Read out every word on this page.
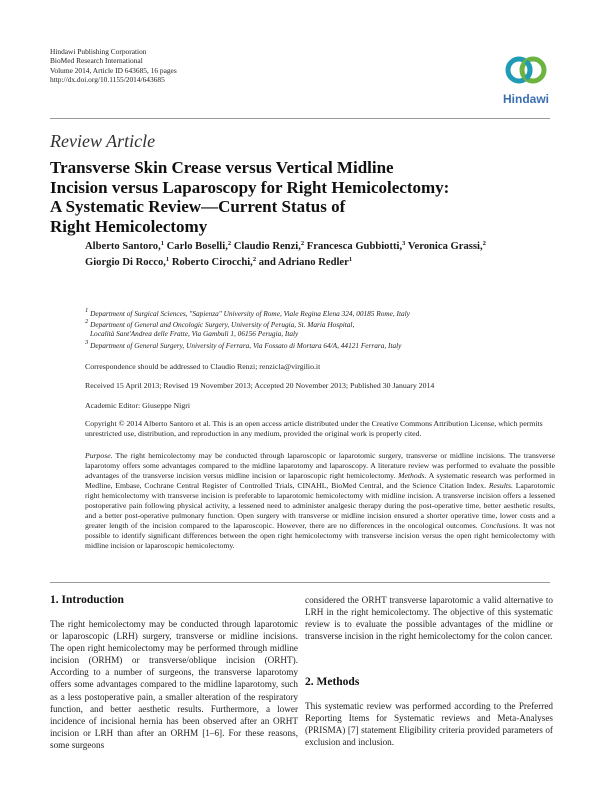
Hindawi Publishing Corporation
BioMed Research International
Volume 2014, Article ID 643685, 16 pages
http://dx.doi.org/10.1155/2014/643685
Hindawi
Review Article
Transverse Skin Crease versus Vertical Midline
Incision versus Laparoscopy for Right Hemicolectomy:
A Systematic Review—Current Status of
Right Hemicolectomy
Alberto Santoro,$^1$ Carlo Boselli,$^2$ Claudio Renzi,$^2$ Francesca Gubbiotti,$^3$ Veronica Grassi,$^2$
Giorgio Di Rocco,$^1$ Roberto Cirocchi,$^2$ and Adriano Redler$^1$
$^1$ Department of Surgical Sciences, "Sapienza" University of Rome, Viale Regina Elena 324, 00185 Rome, Italy
$^2$ Department of General and Oncologic Surgery, University of Perugia, St. Maria Hospital,
Località Sant'Andrea delle Fratte, Via Gambuli 1, 06156 Perugia, Italy
$^3$ Department of General Surgery, University of Ferrara, Via Fossato di Mortara 64/A, 44121 Ferrara, Italy
Correspondence should be addressed to Claudio Renzi; renzicla@virgilio.it
Received 15 April 2013; Revised 19 November 2013; Accepted 20 November 2013; Published 30 January 2014
Academic Editor: Giuseppe Nigri
Copyright © 2014 Alberto Santoro et al. This is an open access article distributed under the Creative Commons Attribution License, which permits unrestricted use, distribution, and reproduction in any medium, provided the original work is properly cited.
Purpose. The right hemicolectomy may be conducted through laparoscopic or laparotomic surgery, transverse or midline incisions. The transverse laparotomy offers some advantages compared to the midline laparotomy and laparoscopy. A literature review was performed to evaluate the possible advantages of the transverse incision versus midline incision or laparoscopic right hemicolectomy. Methods. A systematic research was performed in Medline, Embase, Cochrane Central Register of Controlled Trials, CINAHL, BioMed Central, and the Science Citation Index. Results. Laparotomic right hemicolectomy with transverse incision is preferable to laparotomic hemicolectomy with midline incision. A transverse incision offers a lessened postoperative pain following physical activity, a lessened need to administer analgesic therapy during the post-operative time, better aesthetic results, and a better post-operative pulmonary function. Open surgery with transverse or midline incision ensured a shorter operative time, lower costs and a greater length of the incision compared to the laparoscopic. However, there are no differences in the oncological outcomes. Conclusions. It was not possible to identify significant differences between the open right hemicolectomy with transverse incision versus the open right hemicolectomy with midline incision or laparoscopic hemicolectomy.
1. Introduction
The right hemicolectomy may be conducted through laparotomic or laparoscopic (LRH) surgery, transverse or midline incisions. The open right hemicolectomy may be performed through midline incision (ORHM) or transverse/oblique incision (ORHT). According to a number of surgeons, the transverse laparotomy offers some advantages compared to the midline laparotomy, such as a less postoperative pain, a smaller alteration of the respiratory function, and better aesthetic results. Furthermore, a lower incidence of incisional hernia has been observed after an ORHT incision or LRH than after an ORHM [1–6]. For these reasons, some surgeons
considered the ORHT transverse laparotomic a valid alternative to LRH in the right hemicolectomy. The objective of this systematic review is to evaluate the possible advantages of the midline or transverse incision in the right hemicolectomy for the colon cancer.
2. Methods
This systematic review was performed according to the Preferred Reporting Items for Systematic reviews and Meta-Analyses (PRISMA) [7] statement Eligibility criteria provided parameters of exclusion and inclusion.
